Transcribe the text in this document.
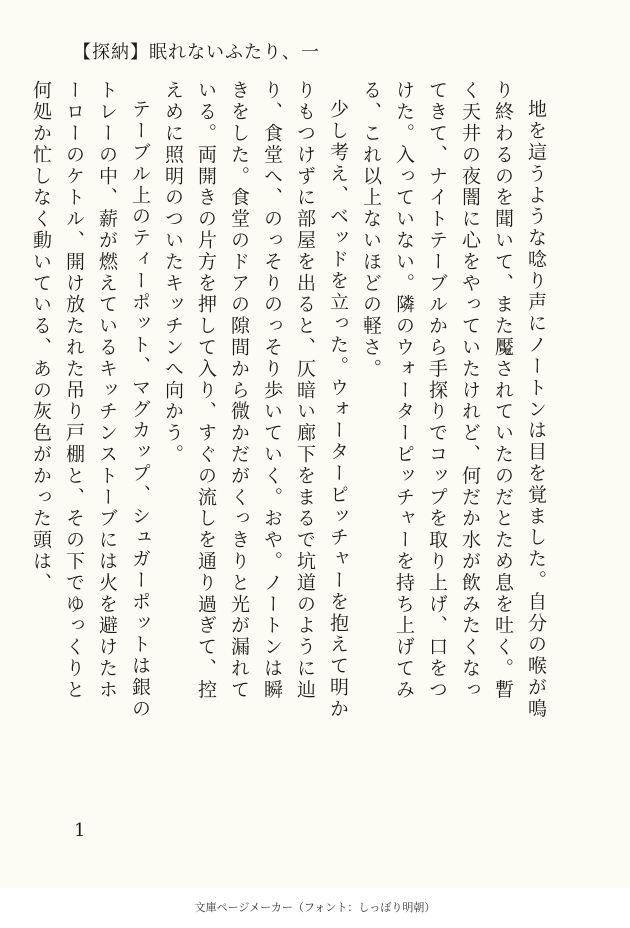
【探納】眠れないふたり、一

地を這うような唸り声にノートンは目を覚ました。自分の喉が鳴り終わるのを聞いて、また魘されていたのだとため息を吐く。暫く天井の夜闇に心をやっていたけれど、何だか水が飲みたくなってきて、ナイトテーブルから手探りでコップを取り上げ、口をつけた。入っていない。隣のウォーターピッチャーを持ち上げてみる、これ以上ないほどの軽さ。

少し考え、ベッドを立った。ウォーターピッチャーを抱えて明かりもつけずに部屋を出ると、仄暗い廊下をまるで坑道のように辿り、食堂へ、のっそりのっそり歩いていく。おや。ノートンは瞬きをした。食堂のドアの隙間から微かだがくっきりと光が漏れている。両開きの片方を押して入り、すぐの流しを通り過ぎて、控えめに照明のついたキッチンへ向かう。

テーブル上のティーポット、マグカップ、シュガーポットは銀のトレーの中、薪が燃えているキッチンストーブには火を避けたホーローのケトル、開け放たれた吊り戸棚と、その下でゆっくりと何処か忙しなく動いている、あの灰色がかった頭は、

1
文庫ページメーカー（フォント：しっぽり明朝）
